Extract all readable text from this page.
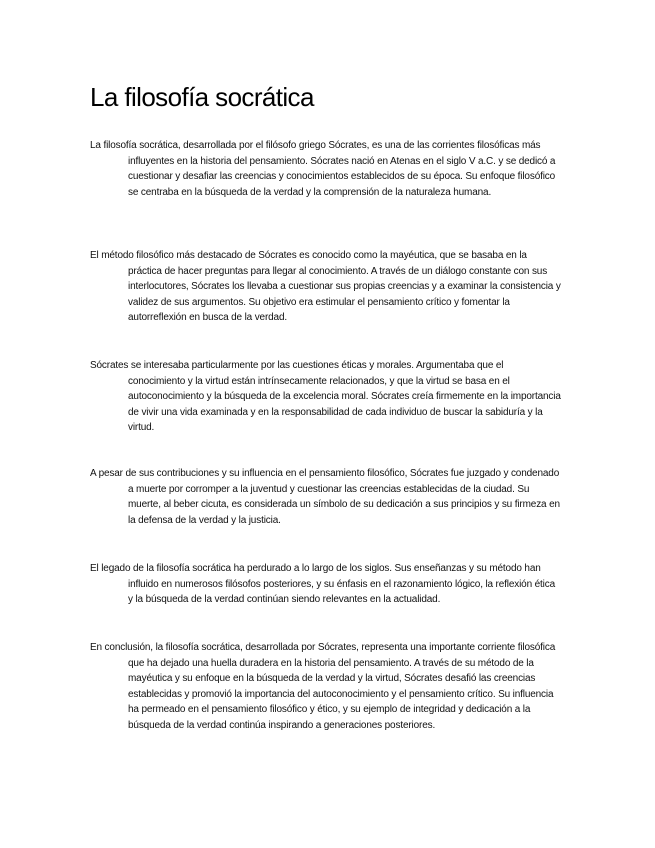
La filosofía socrática

La filosofía socrática, desarrollada por el filósofo griego Sócrates, es una de las corrientes filosóficas más influyentes en la historia del pensamiento. Sócrates nació en Atenas en el siglo V a.C. y se dedicó a cuestionar y desafiar las creencias y conocimientos establecidos de su época. Su enfoque filosófico se centraba en la búsqueda de la verdad y la comprensión de la naturaleza humana.

El método filosófico más destacado de Sócrates es conocido como la mayéutica, que se basaba en la práctica de hacer preguntas para llegar al conocimiento. A través de un diálogo constante con sus interlocutores, Sócrates los llevaba a cuestionar sus propias creencias y a examinar la consistencia y validez de sus argumentos. Su objetivo era estimular el pensamiento crítico y fomentar la autorreflexión en busca de la verdad.

Sócrates se interesaba particularmente por las cuestiones éticas y morales. Argumentaba que el conocimiento y la virtud están intrínsecamente relacionados, y que la virtud se basa en el autoconocimiento y la búsqueda de la excelencia moral. Sócrates creía firmemente en la importancia de vivir una vida examinada y en la responsabilidad de cada individuo de buscar la sabiduría y la virtud.

A pesar de sus contribuciones y su influencia en el pensamiento filosófico, Sócrates fue juzgado y condenado a muerte por corromper a la juventud y cuestionar las creencias establecidas de la ciudad. Su muerte, al beber cicuta, es considerada un símbolo de su dedicación a sus principios y su firmeza en la defensa de la verdad y la justicia.

El legado de la filosofía socrática ha perdurado a lo largo de los siglos. Sus enseñanzas y su método han influido en numerosos filósofos posteriores, y su énfasis en el razonamiento lógico, la reflexión ética y la búsqueda de la verdad continúan siendo relevantes en la actualidad.

En conclusión, la filosofía socrática, desarrollada por Sócrates, representa una importante corriente filosófica que ha dejado una huella duradera en la historia del pensamiento. A través de su método de la mayéutica y su enfoque en la búsqueda de la verdad y la virtud, Sócrates desafió las creencias establecidas y promovió la importancia del autoconocimiento y el pensamiento crítico. Su influencia ha permeado en el pensamiento filosófico y ético, y su ejemplo de integridad y dedicación a la búsqueda de la verdad continúa inspirando a generaciones posteriores.
